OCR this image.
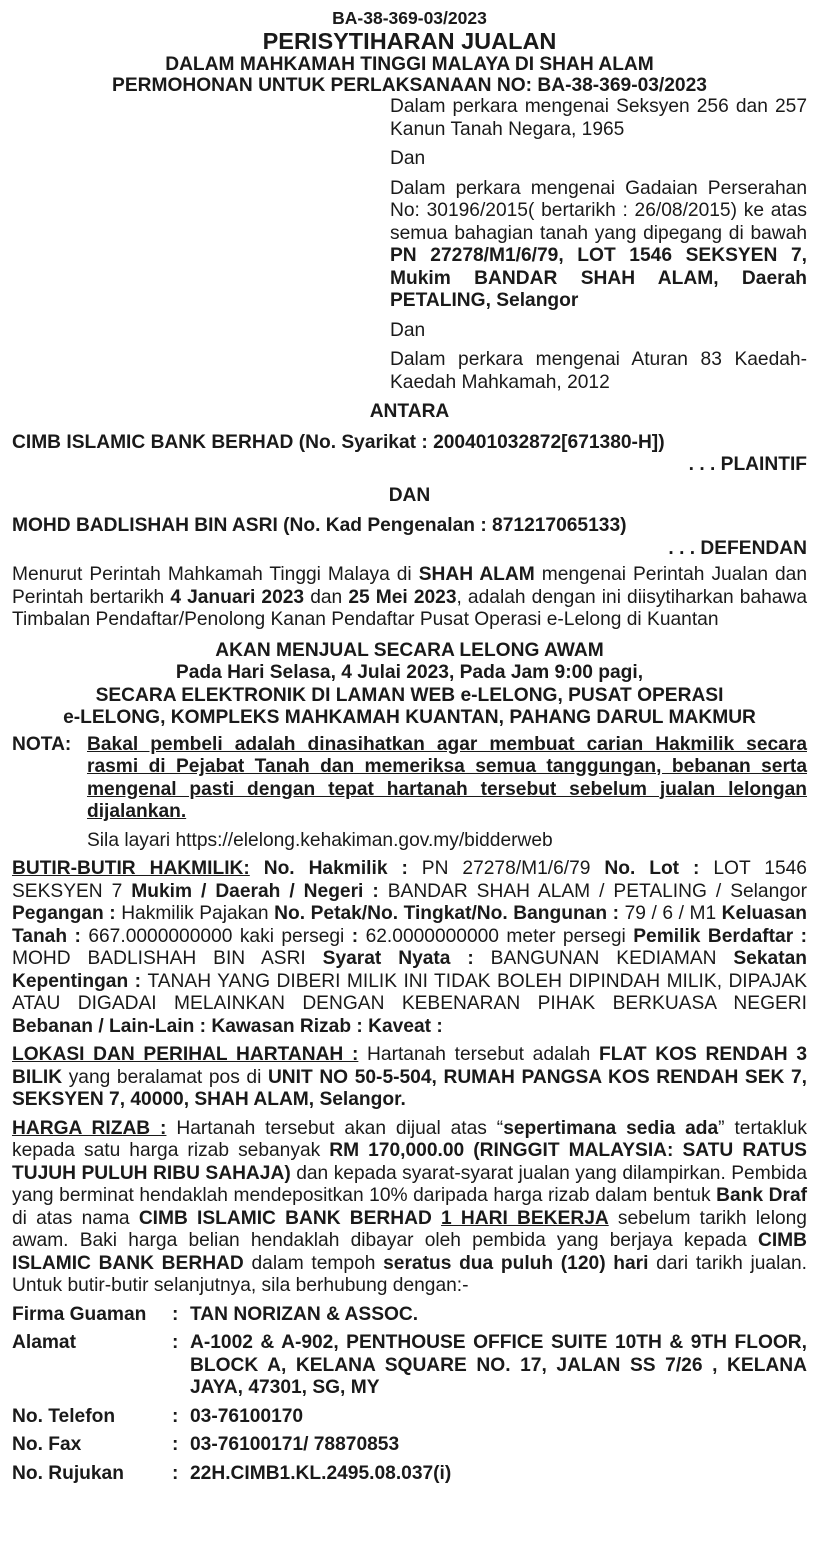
BA-38-369-03/2023
PERISYTIHARAN JUALAN
DALAM MAHKAMAH TINGGI MALAYA DI SHAH ALAM
PERMOHONAN UNTUK PERLAKSANAAN NO: BA-38-369-03/2023

Dalam perkara mengenai Seksyen 256 dan 257 Kanun Tanah Negara, 1965

Dan

Dalam perkara mengenai Gadaian Perserahan No: 30196/2015( bertarikh : 26/08/2015) ke atas semua bahagian tanah yang dipegang di bawah PN 27278/M1/6/79, LOT 1546 SEKSYEN 7, Mukim BANDAR SHAH ALAM, Daerah PETALING, Selangor

Dan

Dalam perkara mengenai Aturan 83 Kaedah-Kaedah Mahkamah, 2012

ANTARA
CIMB ISLAMIC BANK BERHAD (No. Syarikat : 200401032872[671380-H])
. . . PLAINTIF
DAN
MOHD BADLISHAH BIN ASRI (No. Kad Pengenalan : 871217065133)
. . . DEFENDAN
Menurut Perintah Mahkamah Tinggi Malaya di SHAH ALAM mengenai Perintah Jualan dan Perintah bertarikh 4 Januari 2023 dan 25 Mei 2023, adalah dengan ini diisytiharkan bahawa Timbalan Pendaftar/Penolong Kanan Pendaftar Pusat Operasi e-Lelong di Kuantan
AKAN MENJUAL SECARA LELONG AWAM
Pada Hari Selasa, 4 Julai 2023, Pada Jam 9:00 pagi,
SECARA ELEKTRONIK DI LAMAN WEB e-LELONG, PUSAT OPERASI
e-LELONG, KOMPLEKS MAHKAMAH KUANTAN, PAHANG DARUL MAKMUR
NOTA: Bakal pembeli adalah dinasihatkan agar membuat carian Hakmilik secara rasmi di Pejabat Tanah dan memeriksa semua tanggungan, bebanan serta mengenal pasti dengan tepat hartanah tersebut sebelum jualan lelongan dijalankan.
Sila layari https://elelong.kehakiman.gov.my/bidderweb
BUTIR-BUTIR HAKMILIK: No. Hakmilik : PN 27278/M1/6/79 No. Lot : LOT 1546 SEKSYEN 7 Mukim / Daerah / Negeri : BANDAR SHAH ALAM / PETALING / Selangor Pegangan : Hakmilik Pajakan No. Petak/No. Tingkat/No. Bangunan : 79 / 6 / M1 Keluasan Tanah : 667.0000000000 kaki persegi : 62.0000000000 meter persegi Pemilik Berdaftar : MOHD BADLISHAH BIN ASRI Syarat Nyata : BANGUNAN KEDIAMAN Sekatan Kepentingan : TANAH YANG DIBERI MILIK INI TIDAK BOLEH DIPINDAH MILIK, DIPAJAK ATAU DIGADAI MELAINKAN DENGAN KEBENARAN PIHAK BERKUASA NEGERI Bebanan / Lain-Lain : Kawasan Rizab : Kaveat :
LOKASI DAN PERIHAL HARTANAH : Hartanah tersebut adalah FLAT KOS RENDAH 3 BILIK yang beralamat pos di UNIT NO 50-5-504, RUMAH PANGSA KOS RENDAH SEK 7, SEKSYEN 7, 40000, SHAH ALAM, Selangor.
HARGA RIZAB : Hartanah tersebut akan dijual atas “sepertimana sedia ada” tertakluk kepada satu harga rizab sebanyak RM 170,000.00 (RINGGIT MALAYSIA: SATU RATUS TUJUH PULUH RIBU SAHAJA) dan kepada syarat-syarat jualan yang dilampirkan. Pembida yang berminat hendaklah mendepositkan 10% daripada harga rizab dalam bentuk Bank Draf di atas nama CIMB ISLAMIC BANK BERHAD 1 HARI BEKERJA sebelum tarikh lelong awam. Baki harga belian hendaklah dibayar oleh pembida yang berjaya kepada CIMB ISLAMIC BANK BERHAD dalam tempoh seratus dua puluh (120) hari dari tarikh jualan. Untuk butir-butir selanjutnya, sila berhubung dengan:-
Firma Guaman	: TAN NORIZAN & ASSOC.
Alamat	: A-1002 & A-902, PENTHOUSE OFFICE SUITE 10TH & 9TH FLOOR, BLOCK A, KELANA SQUARE NO. 17, JALAN SS 7/26 , KELANA JAYA, 47301, SG, MY
No. Telefon	: 03-76100170
No. Fax	: 03-76100171/ 78870853
No. Rujukan	: 22H.CIMB1.KL.2495.08.037(i)
